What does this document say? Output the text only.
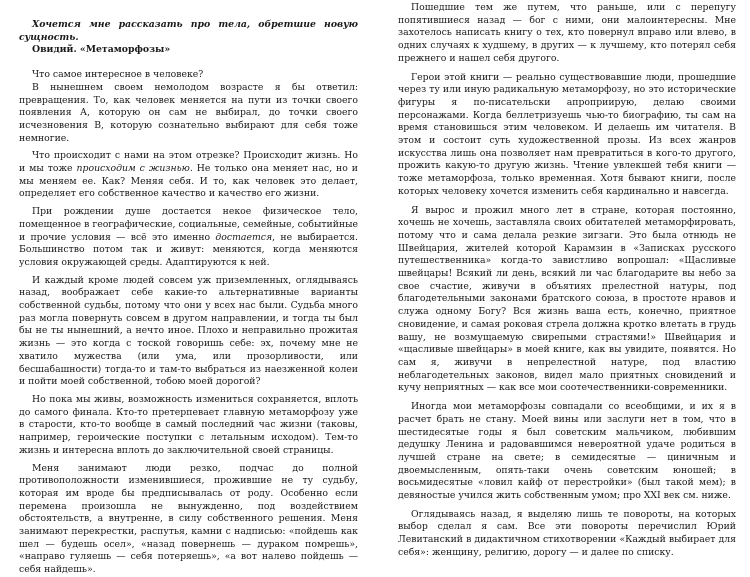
Хочется мне рассказать про тела, обретшие новую сущность.

Овидий. «Метаморфозы»

Что самое интересное в человеке?

В нынешнем своем немолодом возрасте я бы ответил: превращения. То, как человек меняется на пути из точки своего появления А, которую он сам не выбирал, до точки своего исчезновения В, которую сознательно выбирают для себя тоже немногие.

Что происходит с нами на этом отрезке? Происходит жизнь. Но и мы тоже происходим с жизнью. Не только она меняет нас, но и мы меняем ее. Как? Меняя себя. И то, как человек это делает, определяет его собственное качество и качество его жизни.

При рождении душе достается некое физическое тело, помещенное в географические, социальные, семейные, событийные и прочие условия — всё это именно достается, не выбирается. Большинство потом так и живут: меняются, когда меняются условия окружающей среды. Адаптируются к ней.

И каждый кроме людей совсем уж приземленных, оглядываясь назад, воображает себе какие-то альтернативные варианты собственной судьбы, потому что они у всех нас были. Судьба много раз могла повернуть совсем в другом направлении, и тогда ты был бы не ты нынешний, а нечто иное. Плохо и неправильно прожитая жизнь — это когда с тоской говоришь себе: эх, почему мне не хватило мужества (или ума, или прозорливости, или бесшабашности) тогда-то и там-то выбраться из наезженной колеи и пойти моей собственной, тобою моей дорогой?

Но пока мы живы, возможность измениться сохраняется, вплоть до самого финала. Кто-то претерпевает главную метаморфозу уже в старости, кто-то вообще в самый последний час жизни (таковы, например, героические поступки с летальным исходом). Тем-то жизнь и интересна вплоть до заключительной своей страницы.

Меня занимают люди резко, подчас до полной противоположности изменившиеся, прожившие не ту судьбу, которая им вроде бы предписывалась от роду. Особенно если перемена произошла не вынужденно, под воздействием обстоятельств, а внутренне, в силу собственного решения. Меня занимают перекрестки, распутья, камни с надписью: «пойдешь как шел — будешь осел», «назад повернешь — дураком помрешь», «направо гуляешь — себя потеряешь», «а вот налево пойдешь — себя найдешь».

Пошедшие тем же путем, что раньше, или с перепугу попятившиеся назад — бог с ними, они малоинтересны. Мне захотелось написать книгу о тех, кто повернул вправо или влево, в одних случаях к худшему, в других — к лучшему, кто потерял себя прежнего и нашел себя другого.

Герои этой книги — реально существовавшие люди, прошедшие через ту или иную радикальную метаморфозу, но это исторические фигуры я по-писательски апроприирую, делаю своими персонажами. Когда беллетризуешь чью-то биографию, ты сам на время становишься этим человеком. И делаешь им читателя. В этом и состоит суть художественной прозы. Из всех жанров искусства лишь она позволяет нам превратиться в кого-то другого, прожить какую-то другую жизнь. Чтение увлекшей тебя книги — тоже метаморфоза, только временная. Хотя бывают книги, после которых человеку хочется изменить себя кардинально и навсегда.

Я вырос и прожил много лет в стране, которая постоянно, хочешь не хочешь, заставляла своих обитателей метаморфировать, потому что и сама делала резкие зигзаги. Это была отнюдь не Швейцария, жителей которой Карамзин в «Записках русского путешественника» когда-то завистливо вопрошал: «Щасливые швейцары! Всякий ли день, всякий ли час благодарите вы небо за свое счастие, живучи в объятиях прелестной натуры, под благодетельными законами братского союза, в простоте нравов и служа одному Богу? Вся жизнь ваша есть, конечно, приятное сновидение, и самая роковая стрела должна кротко влетать в грудь вашу, не возмущаемую свирепыми страстями!» Швейцария и «щасливые швейцары» в моей книге, как вы увидите, появятся. Но сам я, живучи в непрелестной натуре, под властию неблагодетельных законов, видел мало приятных сновидений и кучу неприятных — как все мои соотечественники-современники.

Иногда мои метаморфозы совпадали со всеобщими, и их я в расчет брать не стану. Моей вины или заслуги нет в том, что в шестидесятые годы я был советским мальчиком, любившим дедушку Ленина и радовавшимся невероятной удаче родиться в лучшей стране на свете; в семидесятые — циничным и двоемысленным, опять-таки очень советским юношей; в восьмидесятые «ловил кайф от перестройки» (был такой мем); в девяностые учился жить собственным умом; про XXI век см. ниже.

Оглядываясь назад, я выделяю лишь те повороты, на которых выбор сделал я сам. Все эти повороты перечислил Юрий Левитанский в дидактичном стихотворении «Каждый выбирает для себя»: женщину, религию, дорогу — и далее по списку.
